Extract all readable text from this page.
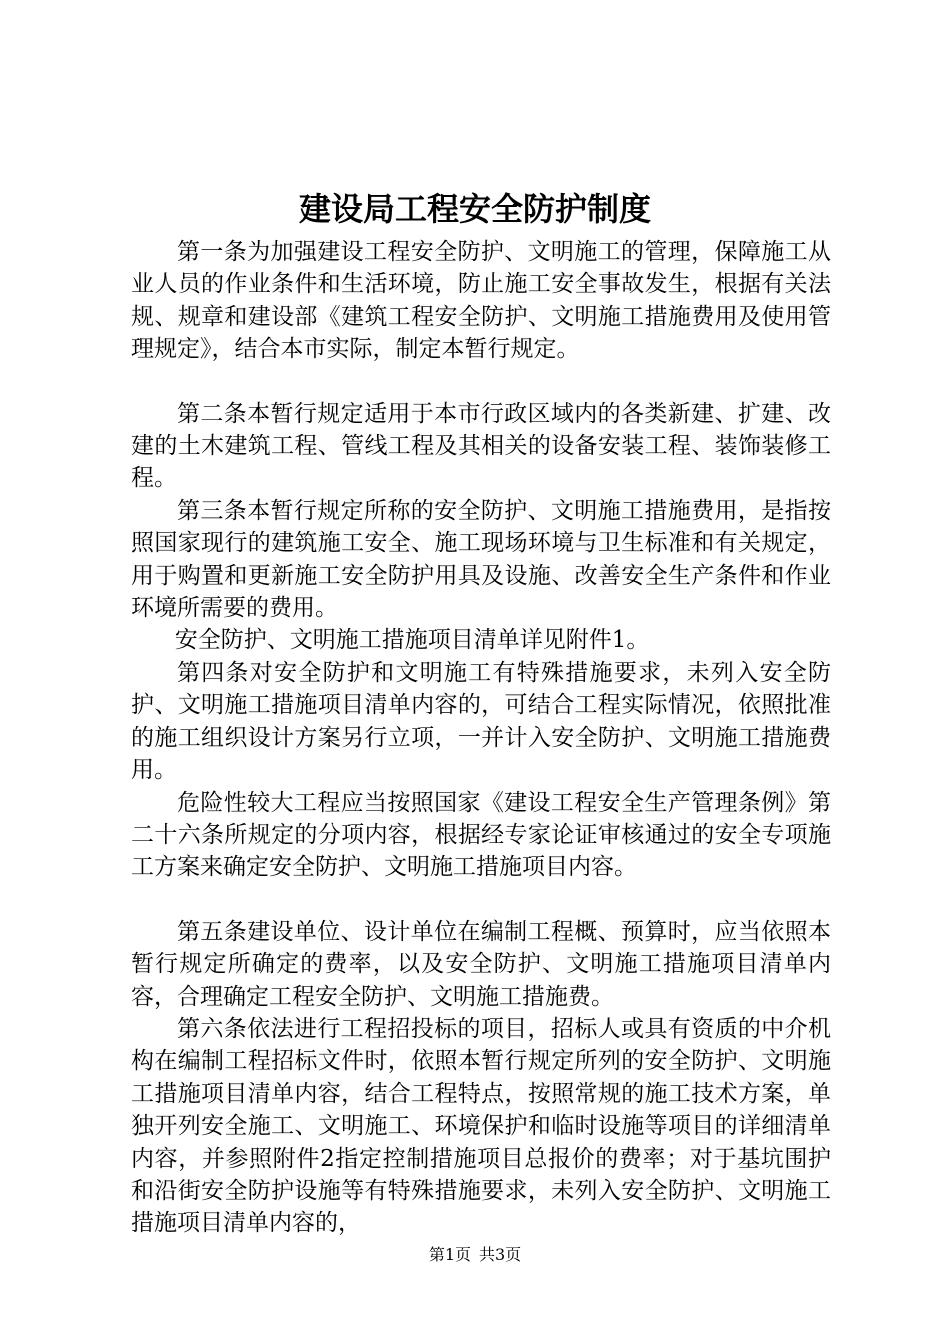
建设局工程安全防护制度

第一条为加强建设工程安全防护、文明施工的管理，保障施工从业人员的作业条件和生活环境，防止施工安全事故发生，根据有关法规、规章和建设部《建筑工程安全防护、文明施工措施费用及使用管理规定》，结合本市实际，制定本暂行规定。

第二条本暂行规定适用于本市行政区域内的各类新建、扩建、改建的土木建筑工程、管线工程及其相关的设备安装工程、装饰装修工程。

第三条本暂行规定所称的安全防护、文明施工措施费用，是指按照国家现行的建筑施工安全、施工现场环境与卫生标准和有关规定，用于购置和更新施工安全防护用具及设施、改善安全生产条件和作业环境所需要的费用。

安全防护、文明施工措施项目清单详见附件1。

第四条对安全防护和文明施工有特殊措施要求，未列入安全防护、文明施工措施项目清单内容的，可结合工程实际情况，依照批准的施工组织设计方案另行立项，一并计入安全防护、文明施工措施费用。

危险性较大工程应当按照国家《建设工程安全生产管理条例》第二十六条所规定的分项内容，根据经专家论证审核通过的安全专项施工方案来确定安全防护、文明施工措施项目内容。

第五条建设单位、设计单位在编制工程概、预算时，应当依照本暂行规定所确定的费率，以及安全防护、文明施工措施项目清单内容，合理确定工程安全防护、文明施工措施费。

第六条依法进行工程招投标的项目，招标人或具有资质的中介机构在编制工程招标文件时，依照本暂行规定所列的安全防护、文明施工措施项目清单内容，结合工程特点，按照常规的施工技术方案，单独开列安全施工、文明施工、环境保护和临时设施等项目的详细清单内容，并参照附件2指定控制措施项目总报价的费率；对于基坑围护和沿街安全防护设施等有特殊措施要求，未列入安全防护、文明施工措施项目清单内容的，

第1页 共3页
